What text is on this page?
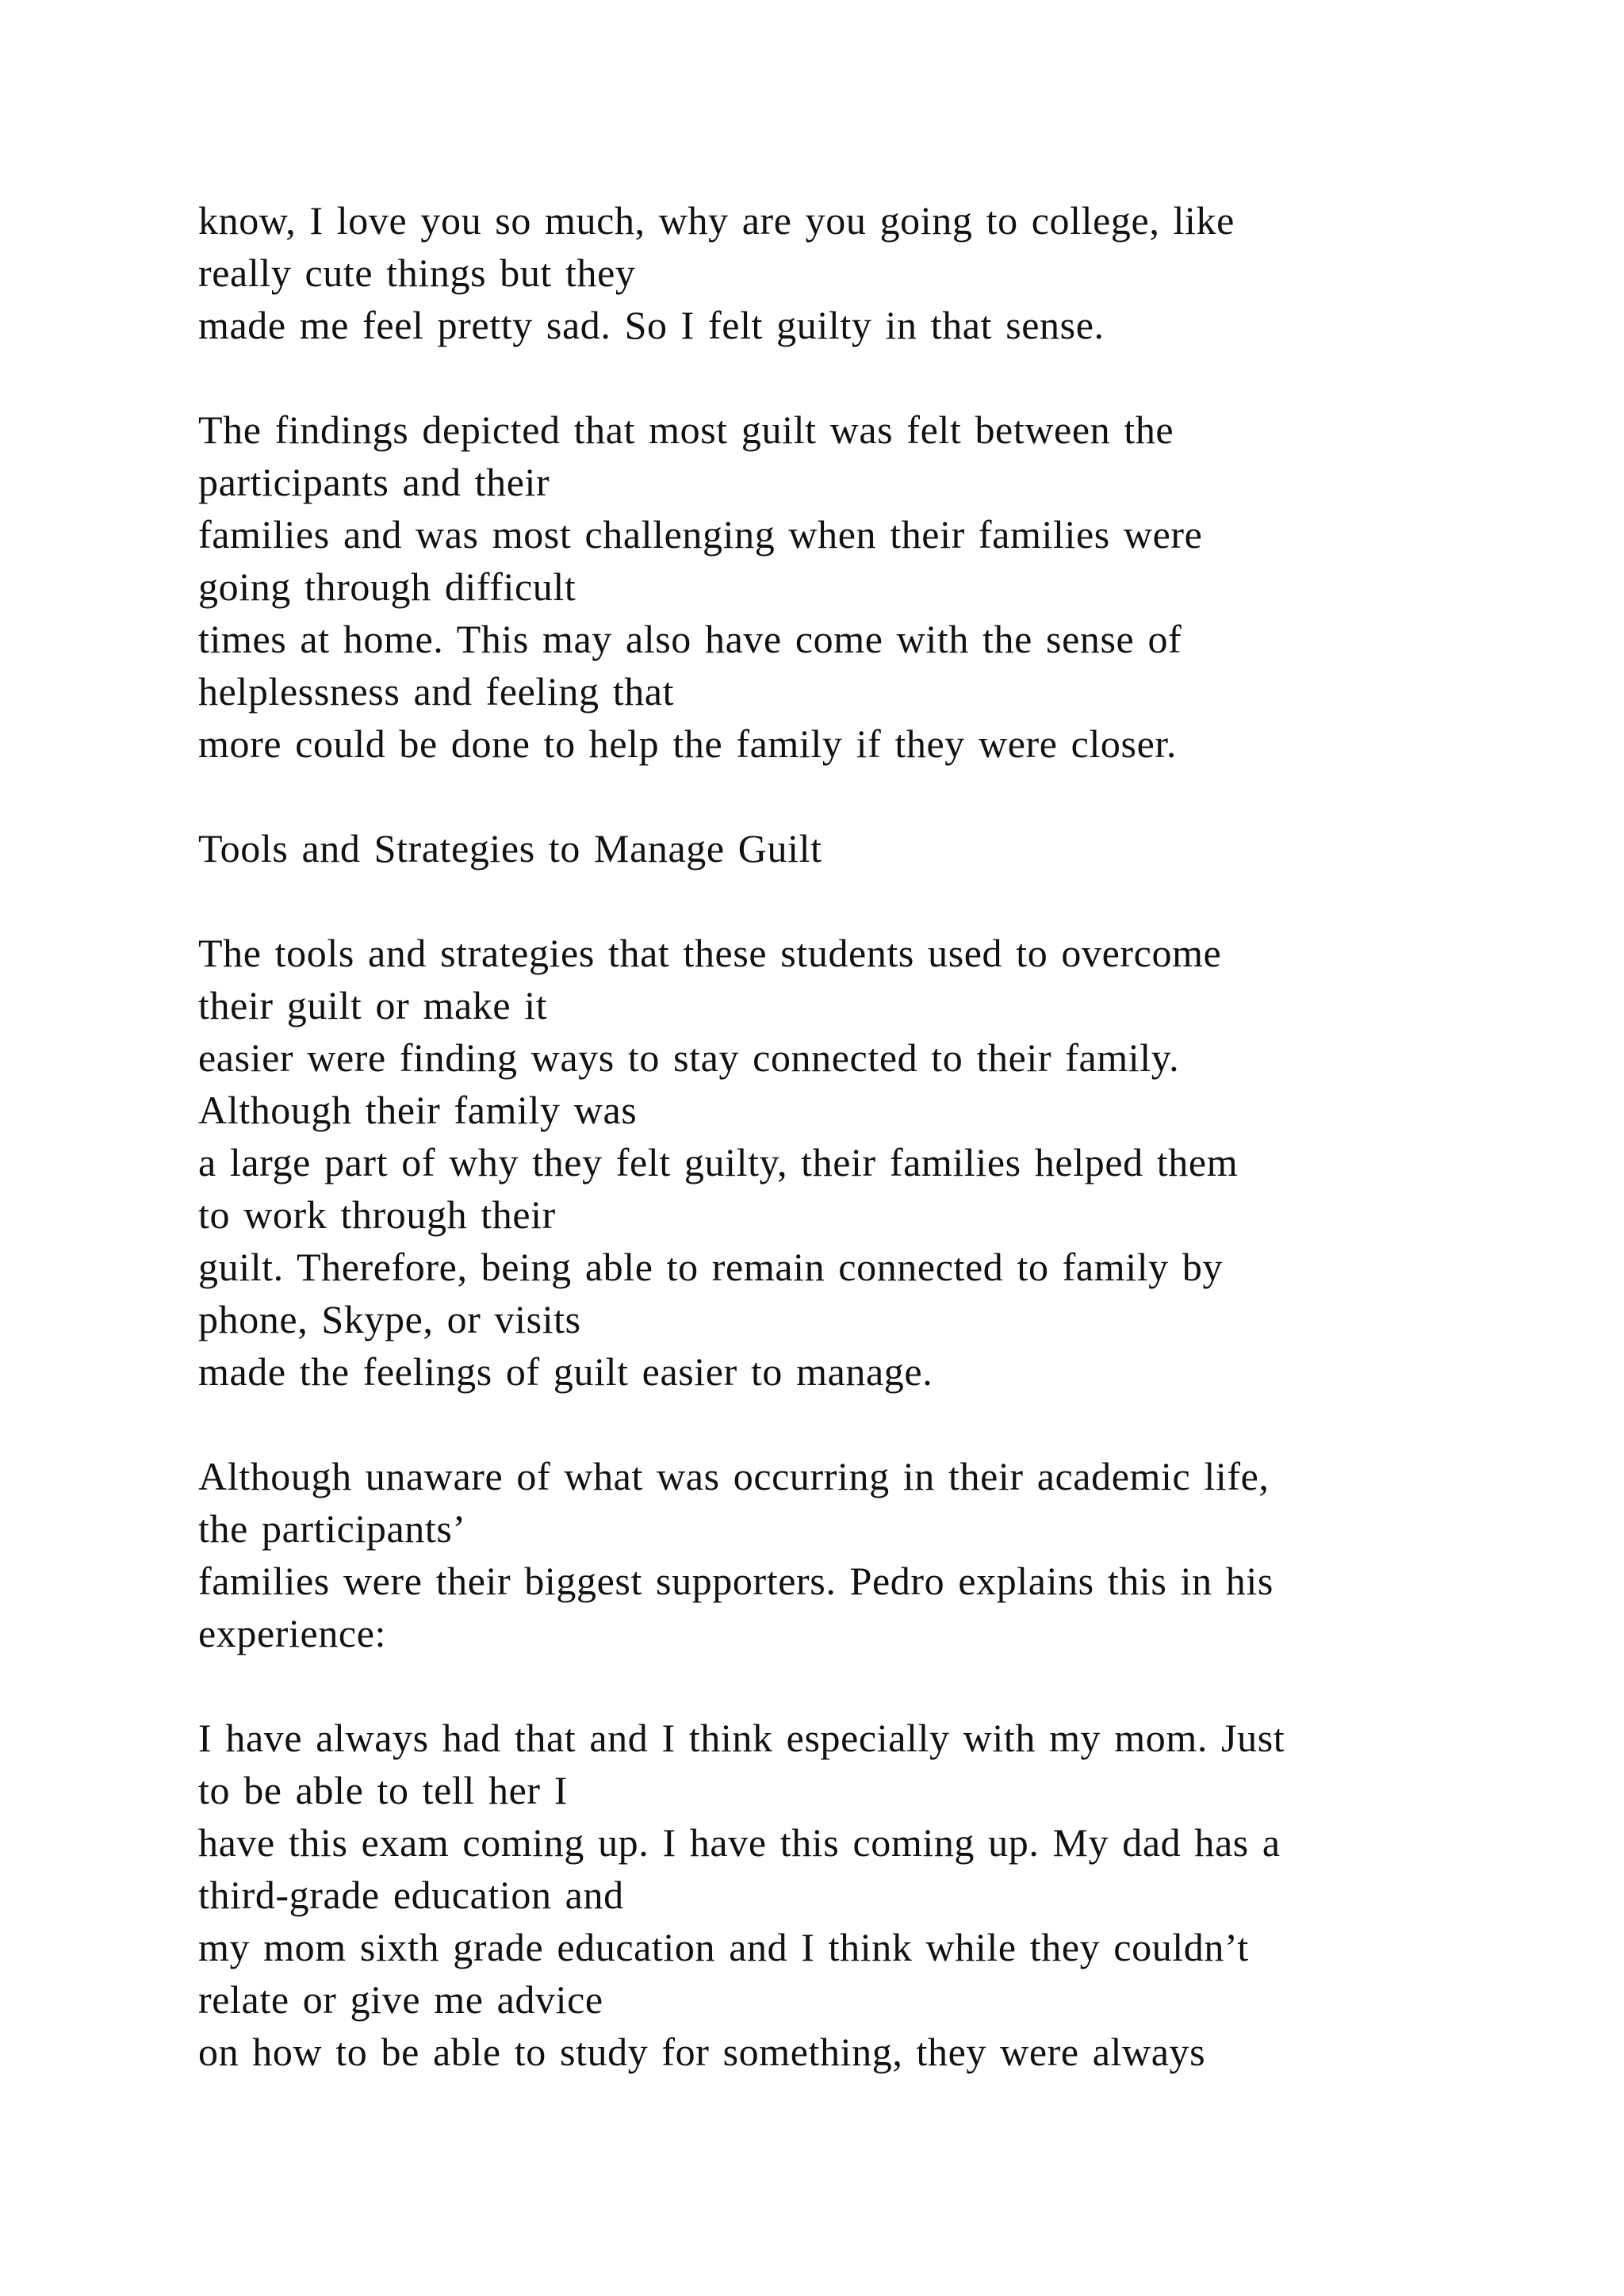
know, I love you so much, why are you going to college, like
really cute things but they
made me feel pretty sad. So I felt guilty in that sense.

The findings depicted that most guilt was felt between the
participants and their
families and was most challenging when their families were
going through difficult
times at home. This may also have come with the sense of
helplessness and feeling that
more could be done to help the family if they were closer.

Tools and Strategies to Manage Guilt

The tools and strategies that these students used to overcome
their guilt or make it
easier were finding ways to stay connected to their family.
Although their family was
a large part of why they felt guilty, their families helped them
to work through their
guilt. Therefore, being able to remain connected to family by
phone, Skype, or visits
made the feelings of guilt easier to manage.

Although unaware of what was occurring in their academic life,
the participants’
families were their biggest supporters. Pedro explains this in his
experience:

I have always had that and I think especially with my mom. Just
to be able to tell her I
have this exam coming up. I have this coming up. My dad has a
third-grade education and
my mom sixth grade education and I think while they couldn’t
relate or give me advice
on how to be able to study for something, they were always
